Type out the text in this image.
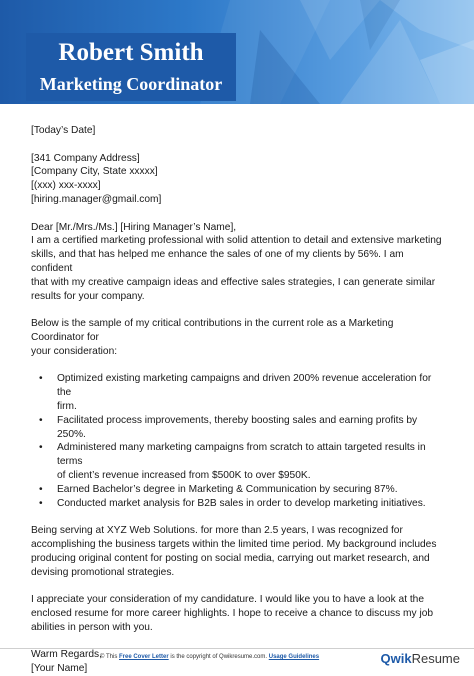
Robert Smith
Marketing Coordinator

[Today’s Date]

[341 Company Address]

[Company City, State xxxxx]

[(xxx) xxx-xxxx]

[hiring.manager@gmail.com]

Dear [Mr./Mrs./Ms.] [Hiring Manager’s Name],

I am a certified marketing professional with solid attention to detail and extensive marketing

skills, and that has helped me enhance the sales of one of my clients by 56%. I am confident

that with my creative campaign ideas and effective sales strategies, I can generate similar

results for your company.

Below is the sample of my critical contributions in the current role as a Marketing Coordinator for

your consideration:

• Optimized existing marketing campaigns and driven 200% revenue acceleration for the
firm.
• Facilitated process improvements, thereby boosting sales and earning profits by 250%.
• Administered many marketing campaigns from scratch to attain targeted results in terms
of client’s revenue increased from $500K to over $950K.
• Earned Bachelor’s degree in Marketing & Communication by securing 87%.
• Conducted market analysis for B2B sales in order to develop marketing initiatives.

Being serving at XYZ Web Solutions. for more than 2.5 years, I was recognized for

accomplishing the business targets within the limited time period. My background includes

producing original content for posting on social media, carrying out market research, and

devising promotional strategies.

I appreciate your consideration of my candidature. I would like you to have a look at the

enclosed resume for more career highlights. I hope to receive a chance to discuss my job

abilities in person with you.

Warm Regards,

[Your Name]

© This Free Cover Letter is the copyright of Qwikresume.com. Usage Guidelines	QwikResume
